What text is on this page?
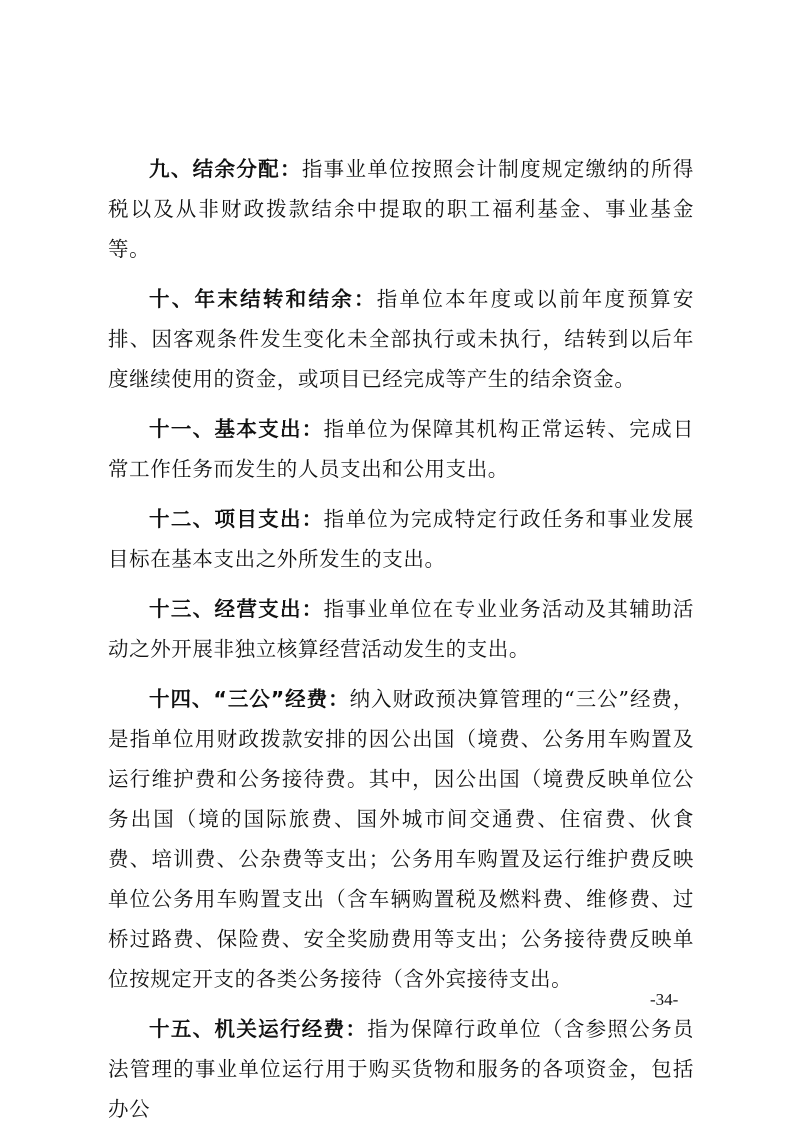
九、结余分配：指事业单位按照会计制度规定缴纳的所得税以及从非财政拨款结余中提取的职工福利基金、事业基金等。

十、年末结转和结余：指单位本年度或以前年度预算安排、因客观条件发生变化未全部执行或未执行，结转到以后年度继续使用的资金，或项目已经完成等产生的结余资金。

十一、基本支出：指单位为保障其机构正常运转、完成日常工作任务而发生的人员支出和公用支出。

十二、项目支出：指单位为完成特定行政任务和事业发展目标在基本支出之外所发生的支出。

十三、经营支出：指事业单位在专业业务活动及其辅助活动之外开展非独立核算经营活动发生的支出。

十四、“三公”经费：纳入财政预决算管理的“三公”经费，是指单位用财政拨款安排的因公出国（境费、公务用车购置及运行维护费和公务接待费。其中，因公出国（境费反映单位公务出国（境的国际旅费、国外城市间交通费、住宿费、伙食费、培训费、公杂费等支出；公务用车购置及运行维护费反映单位公务用车购置支出（含车辆购置税及燃料费、维修费、过桥过路费、保险费、安全奖励费用等支出；公务接待费反映单位按规定开支的各类公务接待（含外宾接待支出。

十五、机关运行经费：指为保障行政单位（含参照公务员法管理的事业单位运行用于购买货物和服务的各项资金，包括办公

-34-
